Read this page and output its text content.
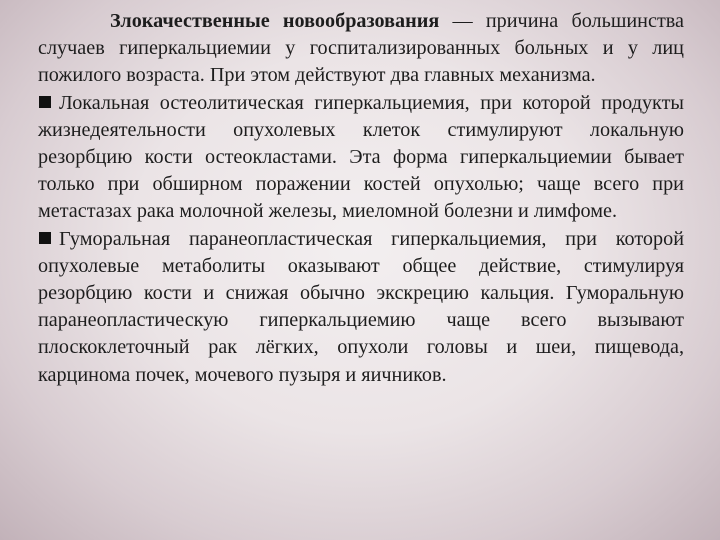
Злокачественные новообразования — причина большинства случаев гиперкальциемии у госпитализированных больных и у лиц пожилого возраста. При этом действуют два главных механизма.

Локальная остеолитическая гиперкальциемия, при которой продукты жизнедеятельности опухолевых клеток стимулируют локальную резорбцию кости остеокластами. Эта форма гиперкальциемии бывает только при обширном поражении костей опухолью; чаще всего при метастазах рака молочной железы, миеломной болезни и лимфоме.

Гуморальная паранеопластическая гиперкальциемия, при которой опухолевые метаболиты оказывают общее действие, стимулируя резорбцию кости и снижая обычно экскрецию кальция. Гуморальную паранеопластическую гиперкальциемию чаще всего вызывают плоскоклеточный рак лёгких, опухоли головы и шеи, пищевода, карцинома почек, мочевого пузыря и яичников.
